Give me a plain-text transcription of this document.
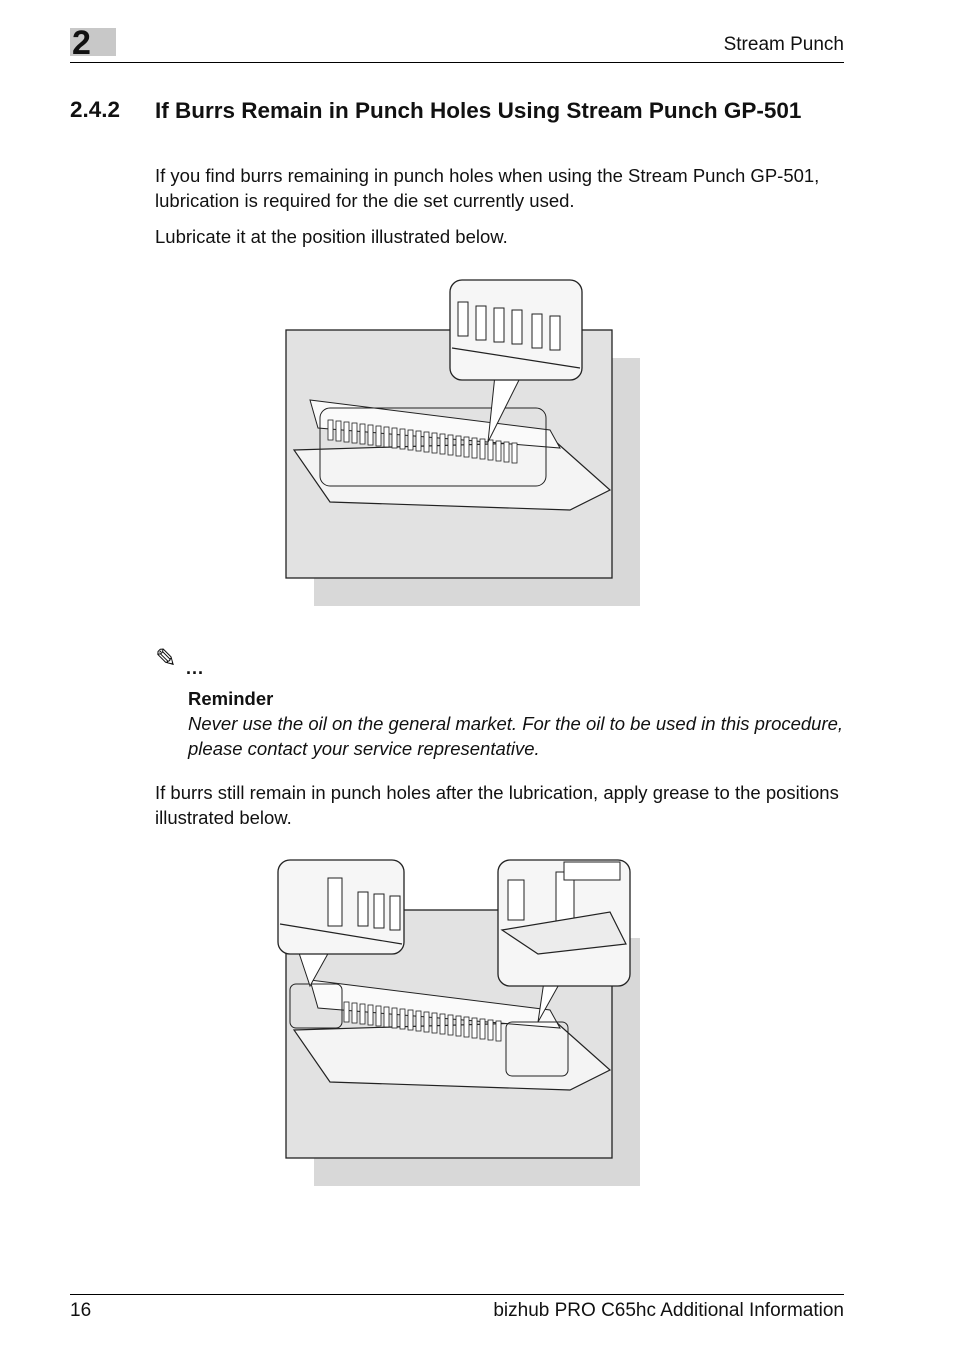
2	Stream Punch
2.4.2 If Burrs Remain in Punch Holes Using Stream Punch GP-501
If you find burrs remaining in punch holes when using the Stream Punch GP-501, lubrication is required for the die set currently used.
Lubricate it at the position illustrated below.
✎ ...
Reminder
Never use the oil on the general market. For the oil to be used in this procedure, please contact your service representative.
If burrs still remain in punch holes after the lubrication, apply grease to the positions illustrated below.
16	bizhub PRO C65hc Additional Information
